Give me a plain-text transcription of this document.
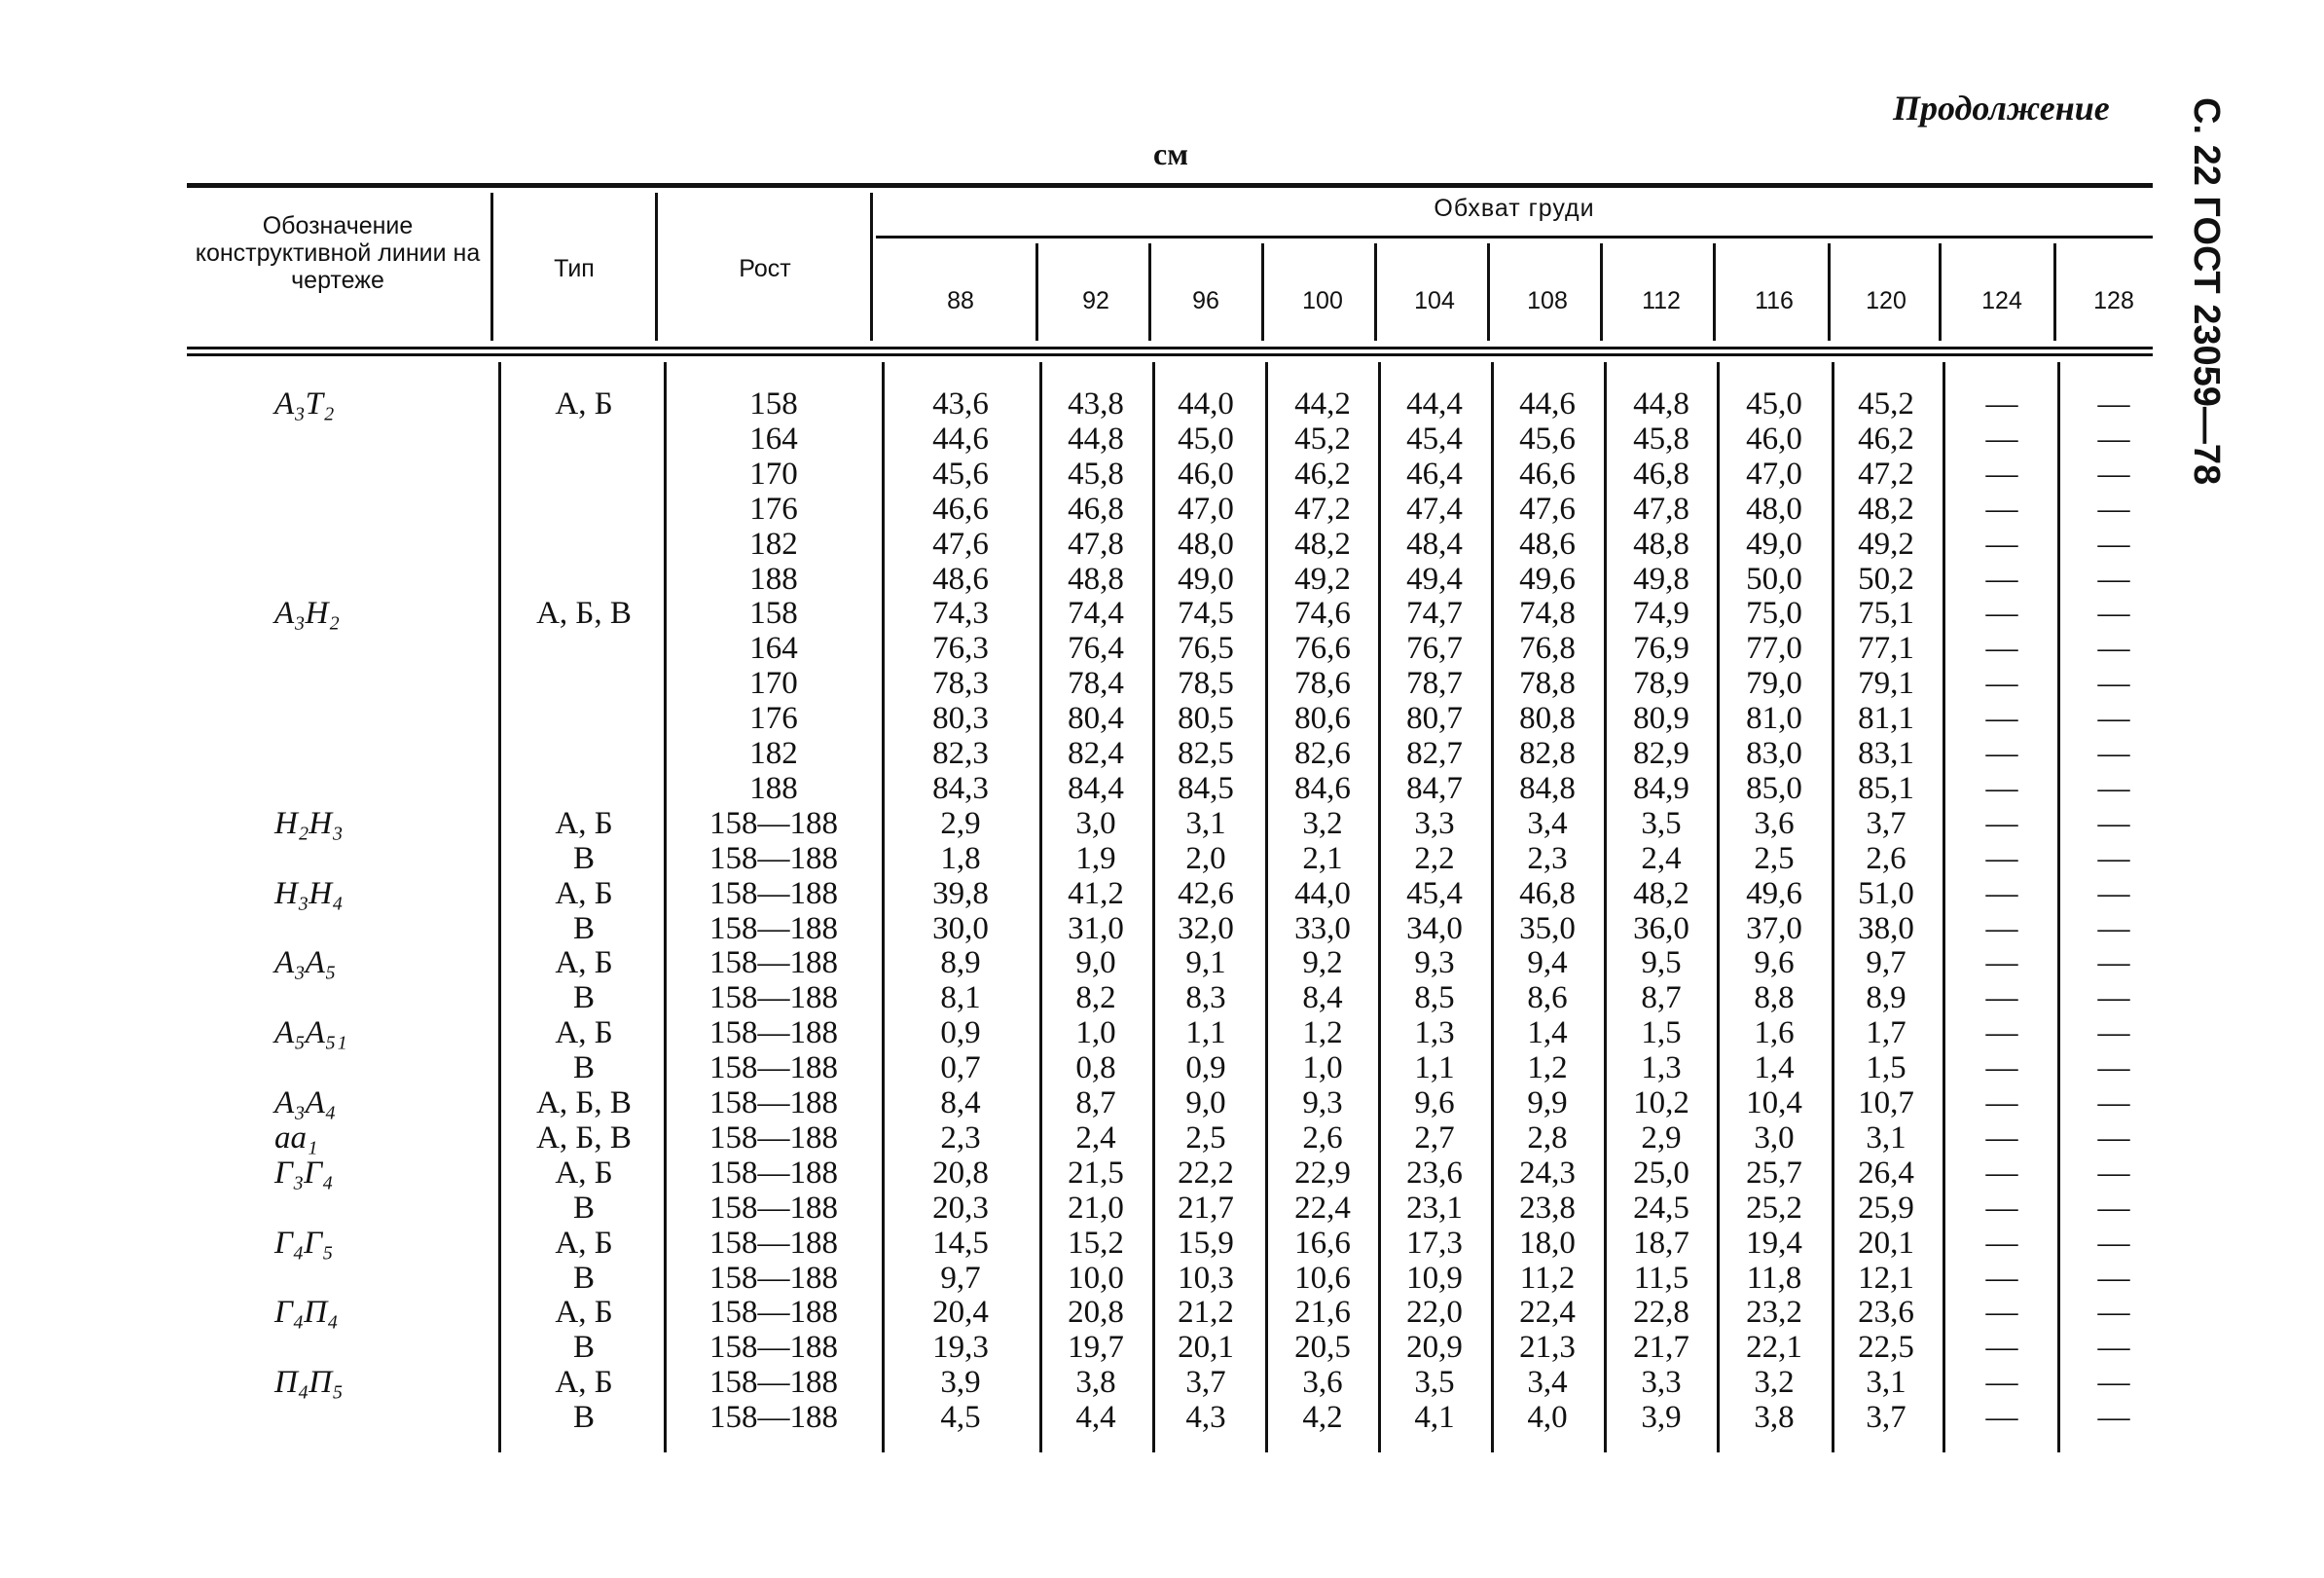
Продолжение С. 22 ГОСТ 23059—78
см
Обозначение конструктивной линии на чертеже	Тип	Рост
Обхват груди
88	92	96	100	104	108	112	116	120	124	128
А₃Т₂	А, Б	158	43,6	43,8	44,0	44,2	44,4	44,6	44,8	45,0	45,2	—	—
164	44,6	44,8	45,0	45,2	45,4	45,6	45,8	46,0	46,2	—	—
170	45,6	45,8	46,0	46,2	46,4	46,6	46,8	47,0	47,2	—	—
176	46,6	46,8	47,0	47,2	47,4	47,6	47,8	48,0	48,2	—	—
182	47,6	47,8	48,0	48,2	48,4	48,6	48,8	49,0	49,2	—	—
188	48,6	48,8	49,0	49,2	49,4	49,6	49,8	50,0	50,2	—	—
А₃Н₂	А, Б, В	158	74,3	74,4	74,5	74,6	74,7	74,8	74,9	75,0	75,1	—	—
164	76,3	76,4	76,5	76,6	76,7	76,8	76,9	77,0	77,1	—	—
170	78,3	78,4	78,5	78,6	78,7	78,8	78,9	79,0	79,1	—	—
176	80,3	80,4	80,5	80,6	80,7	80,8	80,9	81,0	81,1	—	—
182	82,3	82,4	82,5	82,6	82,7	82,8	82,9	83,0	83,1	—	—
188	84,3	84,4	84,5	84,6	84,7	84,8	84,9	85,0	85,1	—	—
Н₂Н₃	А, Б	158—188	2,9	3,0	3,1	3,2	3,3	3,4	3,5	3,6	3,7	—	—
В	158—188	1,8	1,9	2,0	2,1	2,2	2,3	2,4	2,5	2,6	—	—
Н₃Н₄	А, Б	158—188	39,8	41,2	42,6	44,0	45,4	46,8	48,2	49,6	51,0	—	—
В	158—188	30,0	31,0	32,0	33,0	34,0	35,0	36,0	37,0	38,0	—	—
А₃А₅	А, Б	158—188	8,9	9,0	9,1	9,2	9,3	9,4	9,5	9,6	9,7	—	—
В	158—188	8,1	8,2	8,3	8,4	8,5	8,6	8,7	8,8	8,9	—	—
А₅А₅₁	А, Б	158—188	0,9	1,0	1,1	1,2	1,3	1,4	1,5	1,6	1,7	—	—
В	158—188	0,7	0,8	0,9	1,0	1,1	1,2	1,3	1,4	1,5	—	—
А₃А₄	А, Б, В	158—188	8,4	8,7	9,0	9,3	9,6	9,9	10,2	10,4	10,7	—	—
аа₁	А, Б, В	158—188	2,3	2,4	2,5	2,6	2,7	2,8	2,9	3,0	3,1	—	—
Г₃Г₄	А, Б	158—188	20,8	21,5	22,2	22,9	23,6	24,3	25,0	25,7	26,4	—	—
В	158—188	20,3	21,0	21,7	22,4	23,1	23,8	24,5	25,2	25,9	—	—
Г₄Г₅	А, Б	158—188	14,5	15,2	15,9	16,6	17,3	18,0	18,7	19,4	20,1	—	—
В	158—188	9,7	10,0	10,3	10,6	10,9	11,2	11,5	11,8	12,1	—	—
Г₄П₄	А, Б	158—188	20,4	20,8	21,2	21,6	22,0	22,4	22,8	23,2	23,6	—	—
В	158—188	19,3	19,7	20,1	20,5	20,9	21,3	21,7	22,1	22,5	—	—
П₄П₅	А, Б	158—188	3,9	3,8	3,7	3,6	3,5	3,4	3,3	3,2	3,1	—	—
В	158—188	4,5	4,4	4,3	4,2	4,1	4,0	3,9	3,8	3,7	—	—
